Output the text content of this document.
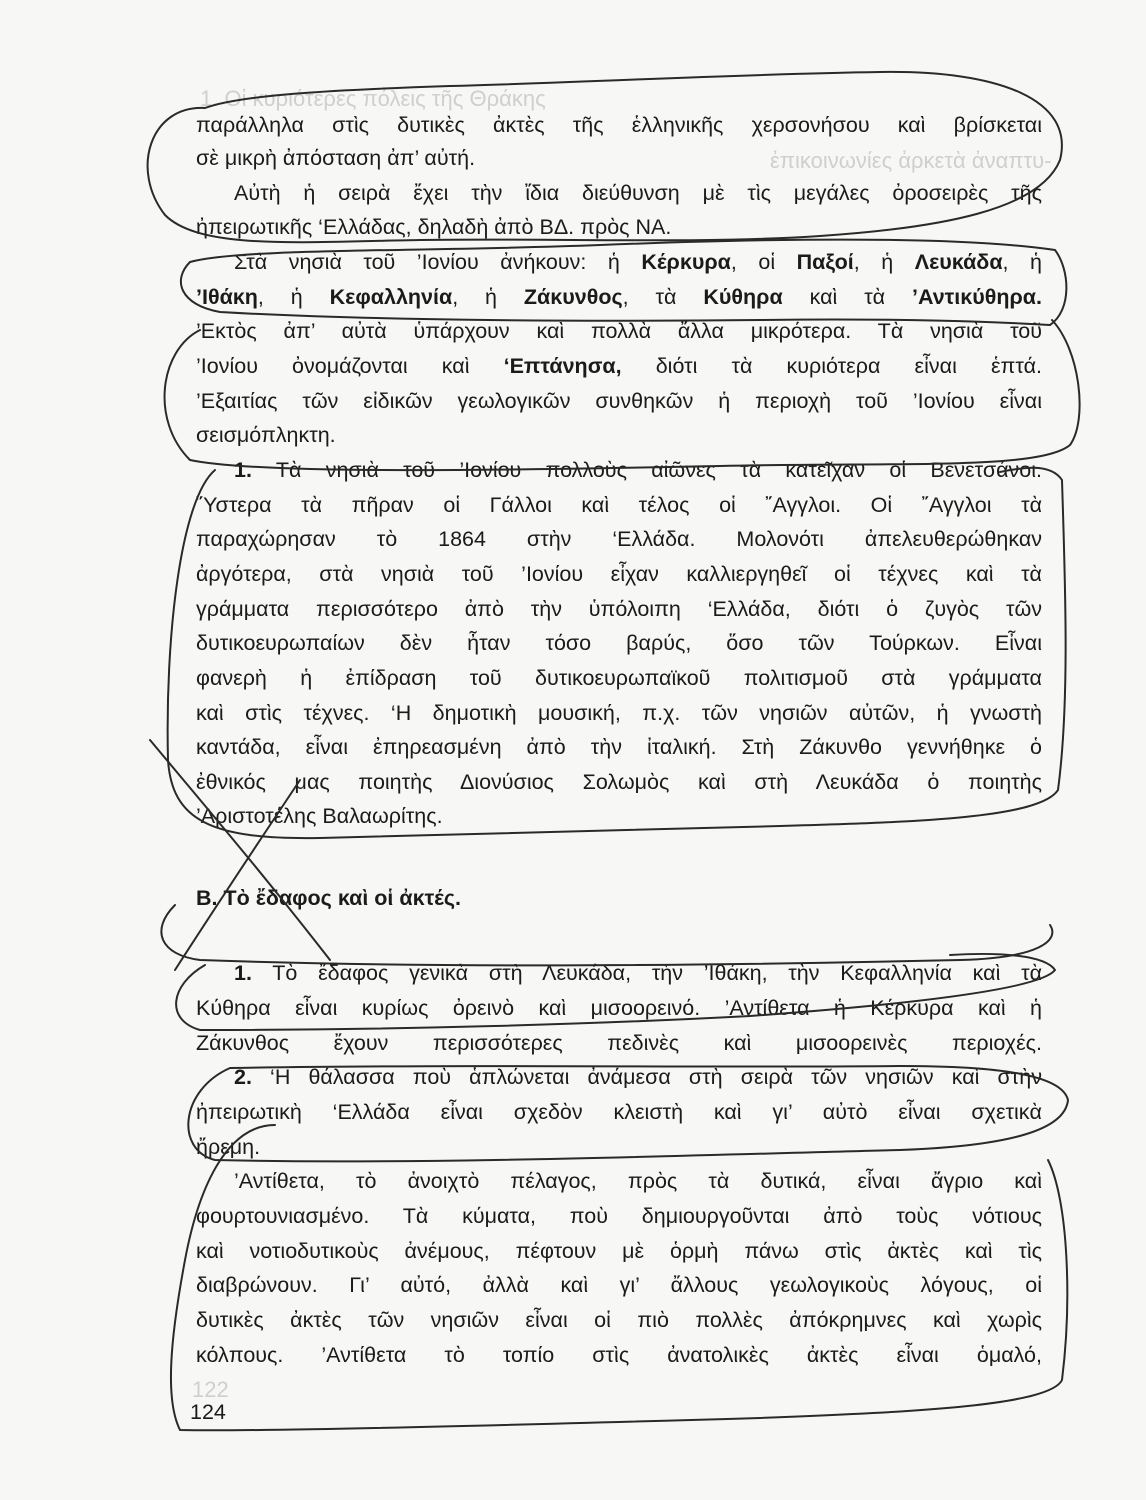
1. Οἱ κυριότερες πόλεις τῆς Θράκης
ἐπικοινωνίες ἀρκετὰ ἀναπτυ-
122
παράλληλα στὶς δυτικὲς ἀκτὲς τῆς ἑλληνικῆς χερσονήσου καὶ βρίσκεται
σὲ μικρὴ ἀπόσταση ἀπ’ αὐτή.
Αὐτὴ ἡ σειρὰ ἔχει τὴν ἴδια διεύθυνση μὲ τὶς μεγάλες ὀροσειρὲς τῆς
ἠπειρωτικῆς ‘Ελλάδας, δηλαδὴ ἀπὸ ΒΔ. πρὸς ΝΑ.
Στὰ νησιὰ τοῦ ’Ιονίου ἀνήκουν: ἡ Κέρκυρα, οἱ Παξοί, ἡ Λευκάδα, ἡ
’Ιθάκη, ἡ Κεφαλληνία, ἡ Ζάκυνθος, τὰ Κύθηρα καὶ τὰ ’Αντικύθηρα.
’Εκτὸς ἀπ’ αὐτὰ ὑπάρχουν καὶ πολλὰ ἄλλα μικρότερα. Τὰ νησιὰ τοῦ
’Ιονίου ὀνομάζονται καὶ ‘Επτάνησα, διότι τὰ κυριότερα εἶναι ἑπτά.
’Εξαιτίας τῶν εἰδικῶν γεωλογικῶν συνθηκῶν ἡ περιοχὴ τοῦ ’Ιονίου εἶναι
σεισμόπληκτη.
1. Τὰ νησιὰ τοῦ ’Ιονίου πολλοὺς αἰῶνες τὰ κατεῖχαν οἱ Βενετσάνοι.
῞Υστερα τὰ πῆραν οἱ Γάλλοι καὶ τέλος οἱ ῎Αγγλοι. Οἱ ῎Αγγλοι τὰ
παραχώρησαν τὸ 1864 στὴν ‘Ελλάδα. Μολονότι ἀπελευθερώθηκαν
ἀργότερα, στὰ νησιὰ τοῦ ’Ιονίου εἶχαν καλλιεργηθεῖ οἱ τέχνες καὶ τὰ
γράμματα περισσότερο ἀπὸ τὴν ὑπόλοιπη ‘Ελλάδα, διότι ὁ ζυγὸς τῶν
δυτικοευρωπαίων δὲν ἦταν τόσο βαρύς, ὅσο τῶν Τούρκων. Εἶναι
φανερὴ ἡ ἐπίδραση τοῦ δυτικοευρωπαϊκοῦ πολιτισμοῦ στὰ γράμματα
καὶ στὶς τέχνες. ‘Η δημοτικὴ μουσική, π.χ. τῶν νησιῶν αὐτῶν, ἡ γνωστὴ
καντάδα, εἶναι ἐπηρεασμένη ἀπὸ τὴν ἰταλική. Στὴ Ζάκυνθο γεννήθηκε ὁ
ἐθνικός μας ποιητὴς Διονύσιος Σολωμὸς καὶ στὴ Λευκάδα ὁ ποιητὴς
’Αριστοτέλης Βαλαωρίτης.
Β. Τὸ ἔδαφος καὶ οἱ ἀκτές.
1. Τὸ ἔδαφος γενικὰ στὴ Λευκάδα, τὴν ’Ιθάκη, τὴν Κεφαλληνία καὶ τὰ
Κύθηρα εἶναι κυρίως ὀρεινὸ καὶ μισοορεινό. ’Αντίθετα ἡ Κέρκυρα καὶ ἡ
Ζάκυνθος ἔχουν περισσότερες πεδινὲς καὶ μισοορεινὲς περιοχές.
2. ‘Η θάλασσα ποὺ ἁπλώνεται ἀνάμεσα στὴ σειρὰ τῶν νησιῶν καὶ στὴν
ἠπειρωτικὴ ‘Ελλάδα εἶναι σχεδὸν κλειστὴ καὶ γι’ αὐτὸ εἶναι σχετικὰ
ἤρεμη.
’Αντίθετα, τὸ ἀνοιχτὸ πέλαγος, πρὸς τὰ δυτικά, εἶναι ἄγριο καὶ
φουρτουνιασμένο. Τὰ κύματα, ποὺ δημιουργοῦνται ἀπὸ τοὺς νότιους
καὶ νοτιοδυτικοὺς ἀνέμους, πέφτουν μὲ ὁρμὴ πάνω στὶς ἀκτὲς καὶ τὶς
διαβρώνουν. Γι’ αὐτό, ἀλλὰ καὶ γι’ ἄλλους γεωλογικοὺς λόγους, οἱ
δυτικὲς ἀκτὲς τῶν νησιῶν εἶναι οἱ πιὸ πολλὲς ἀπόκρημνες καὶ χωρὶς
κόλπους. ’Αντίθετα τὸ τοπίο στὶς ἀνατολικὲς ἀκτὲς εἶναι ὁμαλό,
124
